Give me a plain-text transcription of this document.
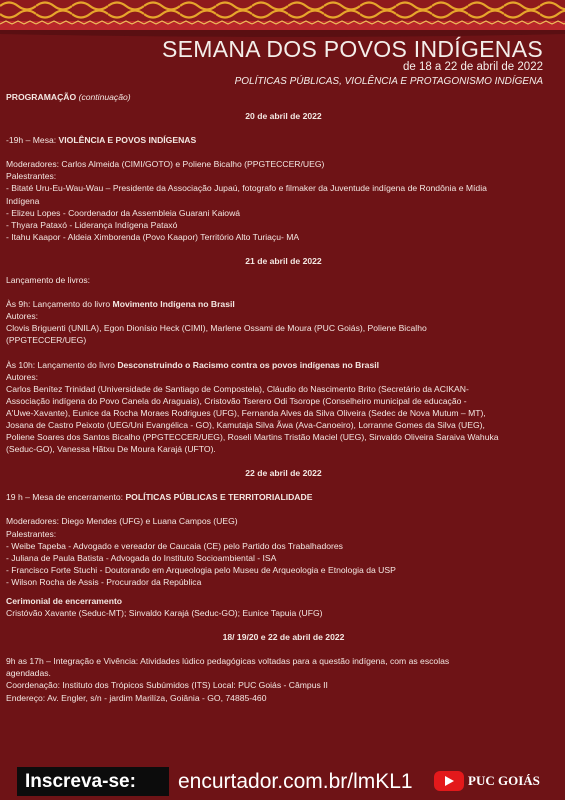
SEMANA DOS POVOS INDÍGENAS
de 18 a 22 de abril de 2022
POLÍTICAS PÚBLICAS, VIOLÊNCIA E PROTAGONISMO INDÍGENA

PROGRAMAÇÃO (continuação)

20 de abril de 2022

-19h – Mesa: VIOLÊNCIA E POVOS INDÍGENAS

Moderadores: Carlos Almeida (CIMI/GOTO) e Poliene Bicalho (PPGTECCER/UEG)

Palestrantes:

- Bitaté Uru-Eu-Wau-Wau – Presidente da Associação Jupaú, fotografo e filmaker da Juventude indígena de Rondônia e Mídia

Indígena

- Elizeu Lopes - Coordenador da Assembleia Guarani Kaiowá

- Thyara Pataxó - Liderança Indígena Pataxó

- Itahu Kaapor - Aldeia Ximborenda (Povo Kaapor) Território Alto Turiaçu- MA

21 de abril de 2022

Lançamento de livros:

Às 9h: Lançamento do livro Movimento Indígena no Brasil

Autores:

Clovis Briguenti (UNILA), Egon Dionísio Heck (CIMI), Marlene Ossami de Moura (PUC Goiás), Poliene Bicalho

(PPGTECCER/UEG)

Às 10h: Lançamento do livro Desconstruindo o Racismo contra os povos indígenas no Brasil

Autores:

Carlos Benítez Trinidad (Universidade de Santiago de Compostela), Cláudio do Nascimento Brito (Secretário da ACIKAN-

Associação indígena do Povo Canela do Araguais), Cristovão Tserero Odi Tsorope (Conselheiro municipal de educação -

A'Uwe-Xavante), Eunice da Rocha Moraes Rodrigues (UFG), Fernanda Alves da Silva Oliveira (Sedec de Nova Mutum – MT),

Josana de Castro Peixoto (UEG/Uni Evangélica - GO), Kamutaja Silva Ãwa (Ava-Canoeiro), Lorranne Gomes da Silva (UEG),

Poliene Soares dos Santos Bicalho (PPGTECCER/UEG), Roseli Martins Tristão Maciel (UEG), Sinvaldo Oliveira Saraiva Wahuka

(Seduc-GO), Vanessa Hãtxu De Moura Karajá (UFTO).

22 de abril de 2022

19 h – Mesa de encerramento: POLÍTICAS PÚBLICAS E TERRITORIALIDADE

Moderadores: Diego Mendes (UFG) e Luana Campos (UEG)

Palestrantes:

- Weibe Tapeba - Advogado e vereador de Caucaia (CE) pelo Partido dos Trabalhadores

- Juliana de Paula Batista - Advogada do Instituto Socioambiental - ISA

- Francisco Forte Stuchi - Doutorando em Arqueologia pelo Museu de Arqueologia e Etnologia da USP

- Wilson Rocha de Assis - Procurador da República

Cerimonial de encerramento

Cristóvão Xavante (Seduc-MT); Sinvaldo Karajá (Seduc-GO); Eunice Tapuia (UFG)

18/ 19/20 e 22 de abril de 2022

9h as 17h – Integração e Vivência: Atividades lúdico pedagógicas voltadas para a questão indígena, com as escolas

agendadas.

Coordenação: Instituto dos Trópicos Subúmidos (ITS) Local: PUC Goiás - Câmpus II

Endereço: Av. Engler, s/n - jardim Marilíza, Goiânia - GO, 74885-460

Inscreva-se:	encurtador.com.br/lmKL1	PUC GOIÁS
